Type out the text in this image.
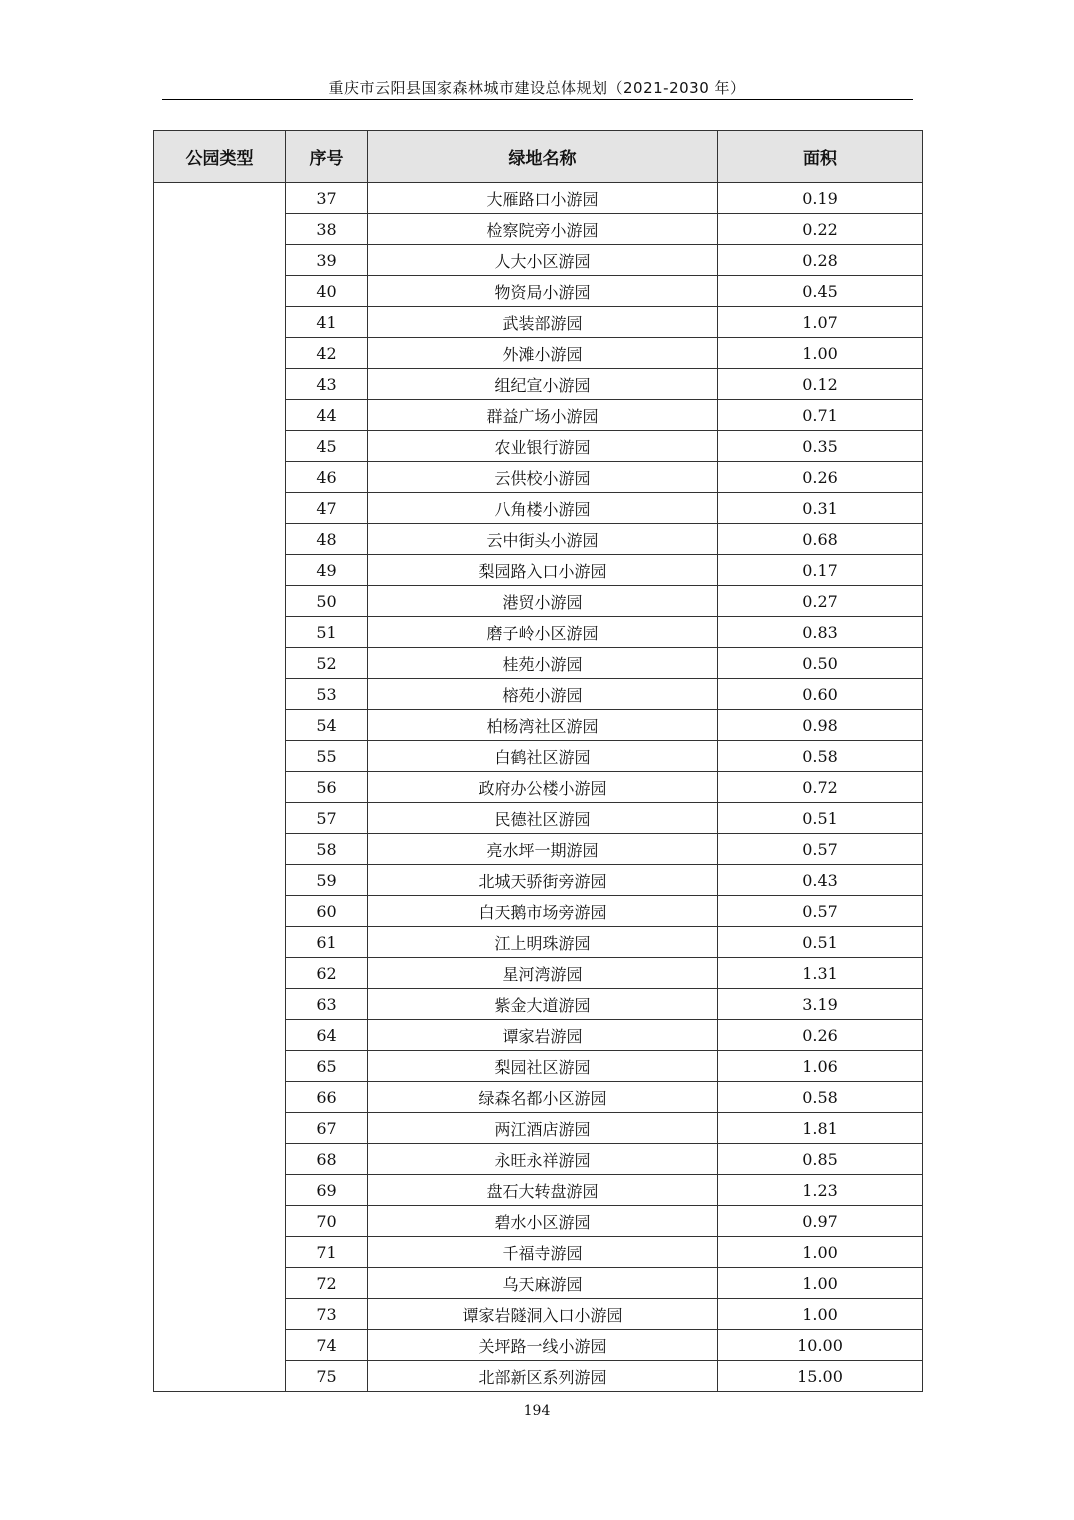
重庆市云阳县国家森林城市建设总体规划（2021-2030 年）
公园类型	序号	绿地名称	面积
	37	大雁路口小游园	0.19
	38	检察院旁小游园	0.22
	39	人大小区游园	0.28
	40	物资局小游园	0.45
	41	武装部游园	1.07
	42	外滩小游园	1.00
	43	组纪宣小游园	0.12
	44	群益广场小游园	0.71
	45	农业银行游园	0.35
	46	云供校小游园	0.26
	47	八角楼小游园	0.31
	48	云中街头小游园	0.68
	49	梨园路入口小游园	0.17
	50	港贸小游园	0.27
	51	磨子岭小区游园	0.83
	52	桂苑小游园	0.50
	53	榕苑小游园	0.60
	54	柏杨湾社区游园	0.98
	55	白鹤社区游园	0.58
	56	政府办公楼小游园	0.72
	57	民德社区游园	0.51
	58	亮水坪一期游园	0.57
	59	北城天骄街旁游园	0.43
	60	白天鹅市场旁游园	0.57
	61	江上明珠游园	0.51
	62	星河湾游园	1.31
	63	紫金大道游园	3.19
	64	谭家岩游园	0.26
	65	梨园社区游园	1.06
	66	绿森名都小区游园	0.58
	67	两江酒店游园	1.81
	68	永旺永祥游园	0.85
	69	盘石大转盘游园	1.23
	70	碧水小区游园	0.97
	71	千福寺游园	1.00
	72	乌天麻游园	1.00
	73	谭家岩隧洞入口小游园	1.00
	74	关坪路一线小游园	10.00
	75	北部新区系列游园	15.00
194
